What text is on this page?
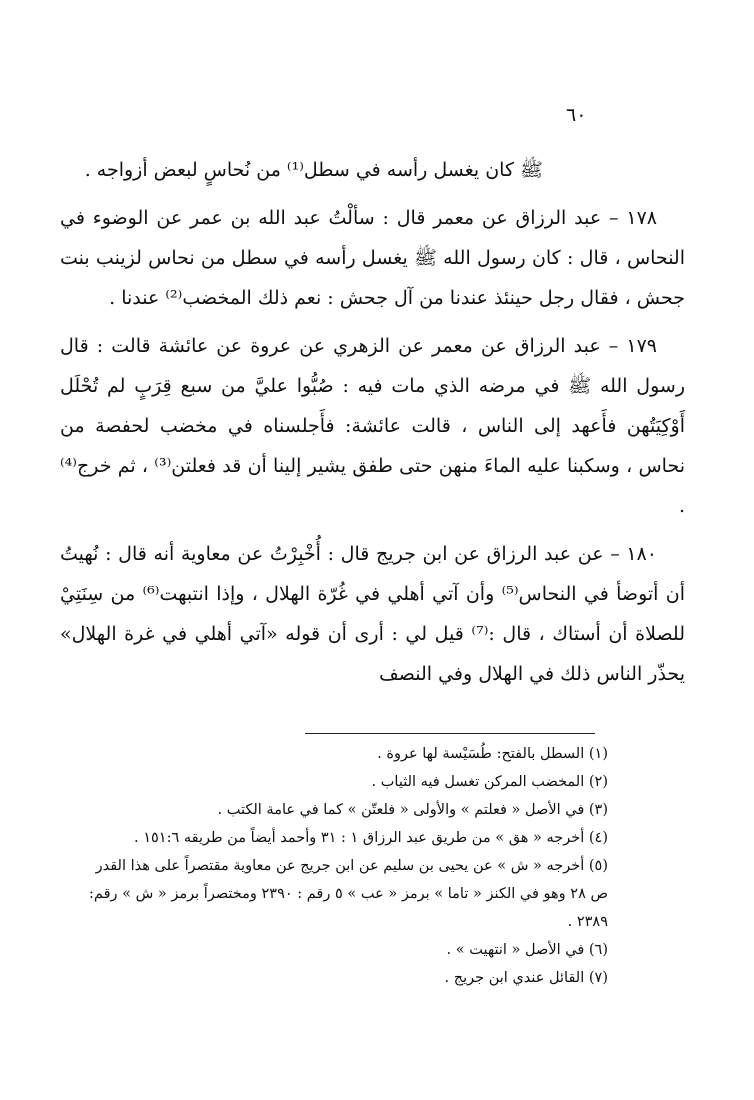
٦٠

ﷺ كان يغسل رأسه في سطل⁽¹⁾ من نُحاسٍ لبعض أزواجه .

١٧٨ – عبد الرزاق عن معمر قال : سألْتُ عبد الله بن عمر عن الوضوء في النحاس ، قال : كان رسول الله ﷺ يغسل رأسه في سطل من نحاس لزينب بنت جحش ، فقال رجل حينئذ عندنا من آل جحش : نعم ذلك المخضب⁽²⁾ عندنا .

١٧٩ – عبد الرزاق عن معمر عن الزهري عن عروة عن عائشة قالت : قال رسول الله ﷺ في مرضه الذي مات فيه : صُبُّوا عليَّ من سبع قِرَبٍ لم تُحْلَل أَوْكِيَتُهن فأَعهد إلى الناس ، قالت عائشة: فأَجلسناه في مخضب لحفصة من نحاس ، وسكبنا عليه الماءَ منهن حتى طفق يشير إلينا أن قد فعلتن⁽³⁾ ، ثم خرج⁽⁴⁾ .

١٨٠ – عن عبد الرزاق عن ابن جريج قال : أُخْبِرْتُ عن معاوية أنه قال : نُهيتُ أن أتوضأ في النحاس⁽⁵⁾ وأن آتي أهلي في غُرّة الهلال ، وإذا انتبهت⁽⁶⁾ من سِنَتِيْ للصلاة أن أستاك ، قال :⁽⁷⁾ قيل لي : أرى أن قوله «آتي أهلي في غرة الهلال» يحذّر الناس ذلك في الهلال وفي النصف

(١) السطل بالفتح: طُسَيْسة لها عروة .

(٢) المخضب المركن تغسل فيه الثياب .

(٣) في الأصل « فعلتم » والأولى « فلعتّن » كما في عامة الكتب .

(٤) أخرجه « هق » من طريق عبد الرزاق ١ : ٣١ وأحمد أيضاً من طريقه ١٥١:٦ .

(٥) أخرجه « ش » عن يحيى بن سليم عن ابن جريج عن معاوية مقتصراً على هذا القدر

ص ٢٨ وهو في الكنز « تاما » برمز « عب » ٥ رقم : ٢٣٩٠ ومختصراً برمز « ش » رقم: ٢٣٨٩ .

(٦) في الأصل « انتهيت » .

(٧) القائل عندي ابن جريج .
